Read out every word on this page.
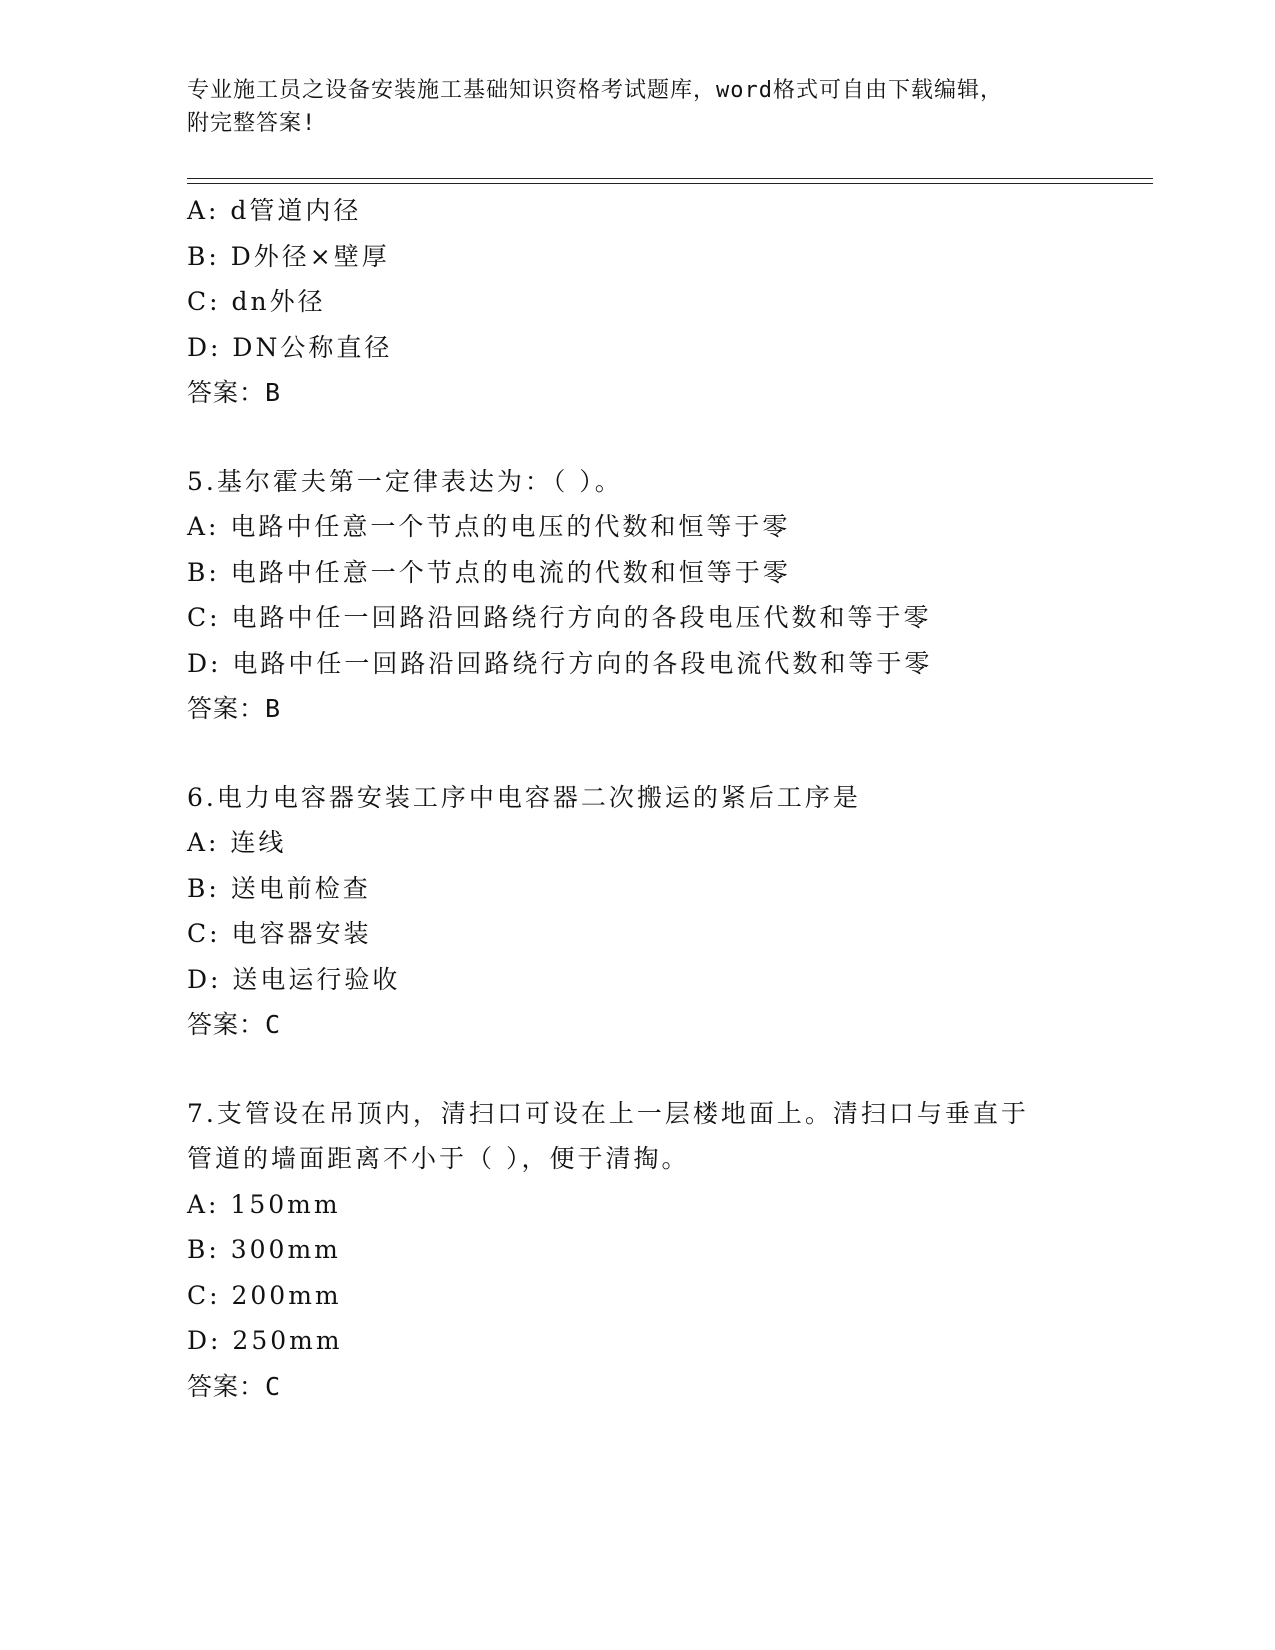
专业施工员之设备安装施工基础知识资格考试题库，word格式可自由下载编辑，
附完整答案!
A: d管道内径
B: D外径×壁厚
C: dn外径
D: DN公称直径
答案：B
5.基尔霍夫第一定律表达为：（ ）。
A: 电路中任意一个节点的电压的代数和恒等于零
B: 电路中任意一个节点的电流的代数和恒等于零
C: 电路中任一回路沿回路绕行方向的各段电压代数和等于零
D: 电路中任一回路沿回路绕行方向的各段电流代数和等于零
答案：B
6.电力电容器安装工序中电容器二次搬运的紧后工序是
A: 连线
B: 送电前检查
C: 电容器安装
D: 送电运行验收
答案：C
7.支管设在吊顶内，清扫口可设在上一层楼地面上。清扫口与垂直于
管道的墙面距离不小于（ ），便于清掏。
A: 150mm
B: 300mm
C: 200mm
D: 250mm
答案：C
